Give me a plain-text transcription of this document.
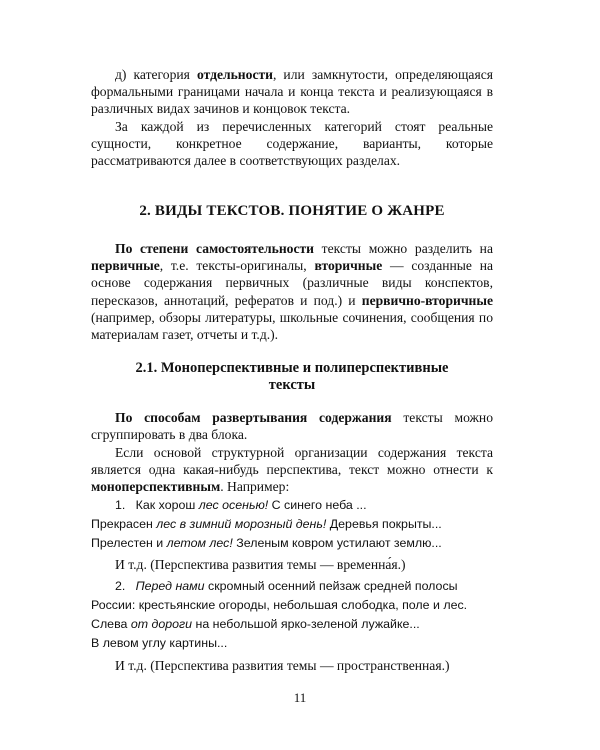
д) категория отдельности, или замкнутости, определяющаяся формальными границами начала и конца текста и реализующаяся в различных видах зачинов и концовок текста.

За каждой из перечисленных категорий стоят реальные сущности, конкретное содержание, варианты, которые рассматриваются далее в соответствующих разделах.

2. ВИДЫ ТЕКСТОВ. ПОНЯТИЕ О ЖАНРЕ

По степени самостоятельности тексты можно разделить на первичные, т.е. тексты-оригиналы, вторичные — созданные на основе содержания первичных (различные виды конспектов, пересказов, аннотаций, рефератов и под.) и первично-вторичные (например, обзоры литературы, школьные сочинения, сообщения по материалам газет, отчеты и т.д.).

2.1. Моноперспективные и полиперспективные
тексты

По способам развертывания содержания тексты можно сгруппировать в два блока.

Если основой структурной организации содержания текста является одна какая-нибудь перспектива, текст можно отнести к моноперспективным. Например:

1. Как хорош лес осенью! С синего неба ...

Прекрасен лес в зимний морозный день! Деревья покрыты...

Прелестен и летом лес! Зеленым ковром устилают землю...

И т.д. (Перспектива развития темы — временна́я.)

2. Перед нами скромный осенний пейзаж средней полосы

России: крестьянские огороды, небольшая слободка, поле и лес.

Слева от дороги на небольшой ярко-зеленой лужайке...

В левом углу картины...

И т.д. (Перспектива развития темы — пространственная.)

11
